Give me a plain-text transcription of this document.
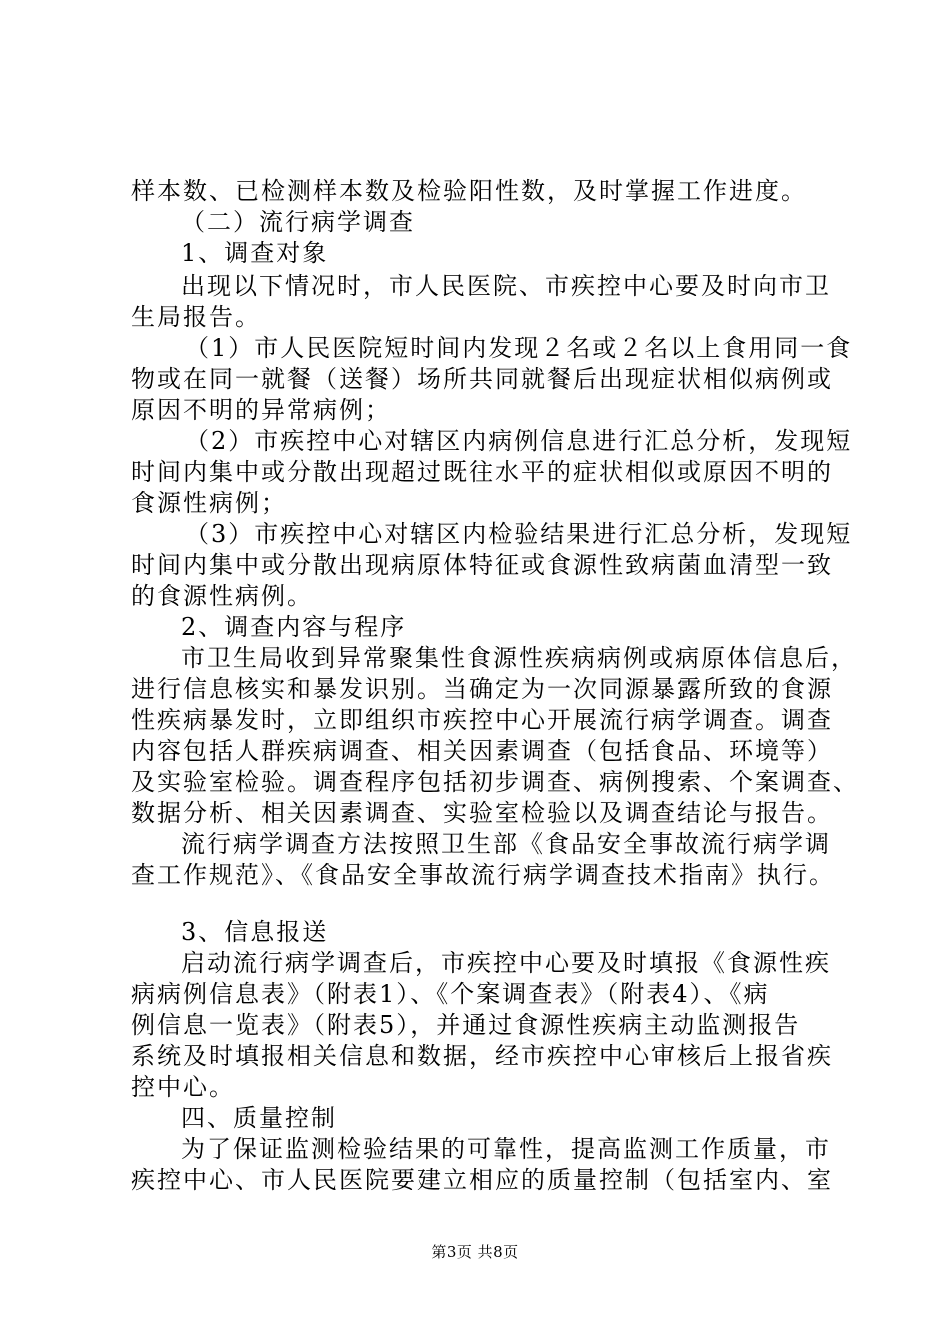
样本数、已检测样本数及检验阳性数，及时掌握工作进度。
（二）流行病学调查
1、调查对象
出现以下情况时，市人民医院、市疾控中心要及时向市卫
生局报告。
（1）市人民医院短时间内发现２名或２名以上食用同一食
物或在同一就餐（送餐）场所共同就餐后出现症状相似病例或
原因不明的异常病例；
（2）市疾控中心对辖区内病例信息进行汇总分析，发现短
时间内集中或分散出现超过既往水平的症状相似或原因不明的
食源性病例；
（3）市疾控中心对辖区内检验结果进行汇总分析，发现短
时间内集中或分散出现病原体特征或食源性致病菌血清型一致
的食源性病例。
2、调查内容与程序
市卫生局收到异常聚集性食源性疾病病例或病原体信息后，
进行信息核实和暴发识别。当确定为一次同源暴露所致的食源
性疾病暴发时，立即组织市疾控中心开展流行病学调查。调查
内容包括人群疾病调查、相关因素调查（包括食品、环境等）
及实验室检验。调查程序包括初步调查、病例搜索、个案调查、
数据分析、相关因素调查、实验室检验以及调查结论与报告。
流行病学调查方法按照卫生部《食品安全事故流行病学调
查工作规范》、《食品安全事故流行病学调查技术指南》执行。
3、信息报送
启动流行病学调查后，市疾控中心要及时填报《食源性疾
病病例信息表》（附表1）、《个案调查表》（附表4）、《病
例信息一览表》（附表5），并通过食源性疾病主动监测报告
系统及时填报相关信息和数据，经市疾控中心审核后上报省疾
控中心。
四、质量控制
为了保证监测检验结果的可靠性，提高监测工作质量，市
疾控中心、市人民医院要建立相应的质量控制（包括室内、室
第3页 共8页
